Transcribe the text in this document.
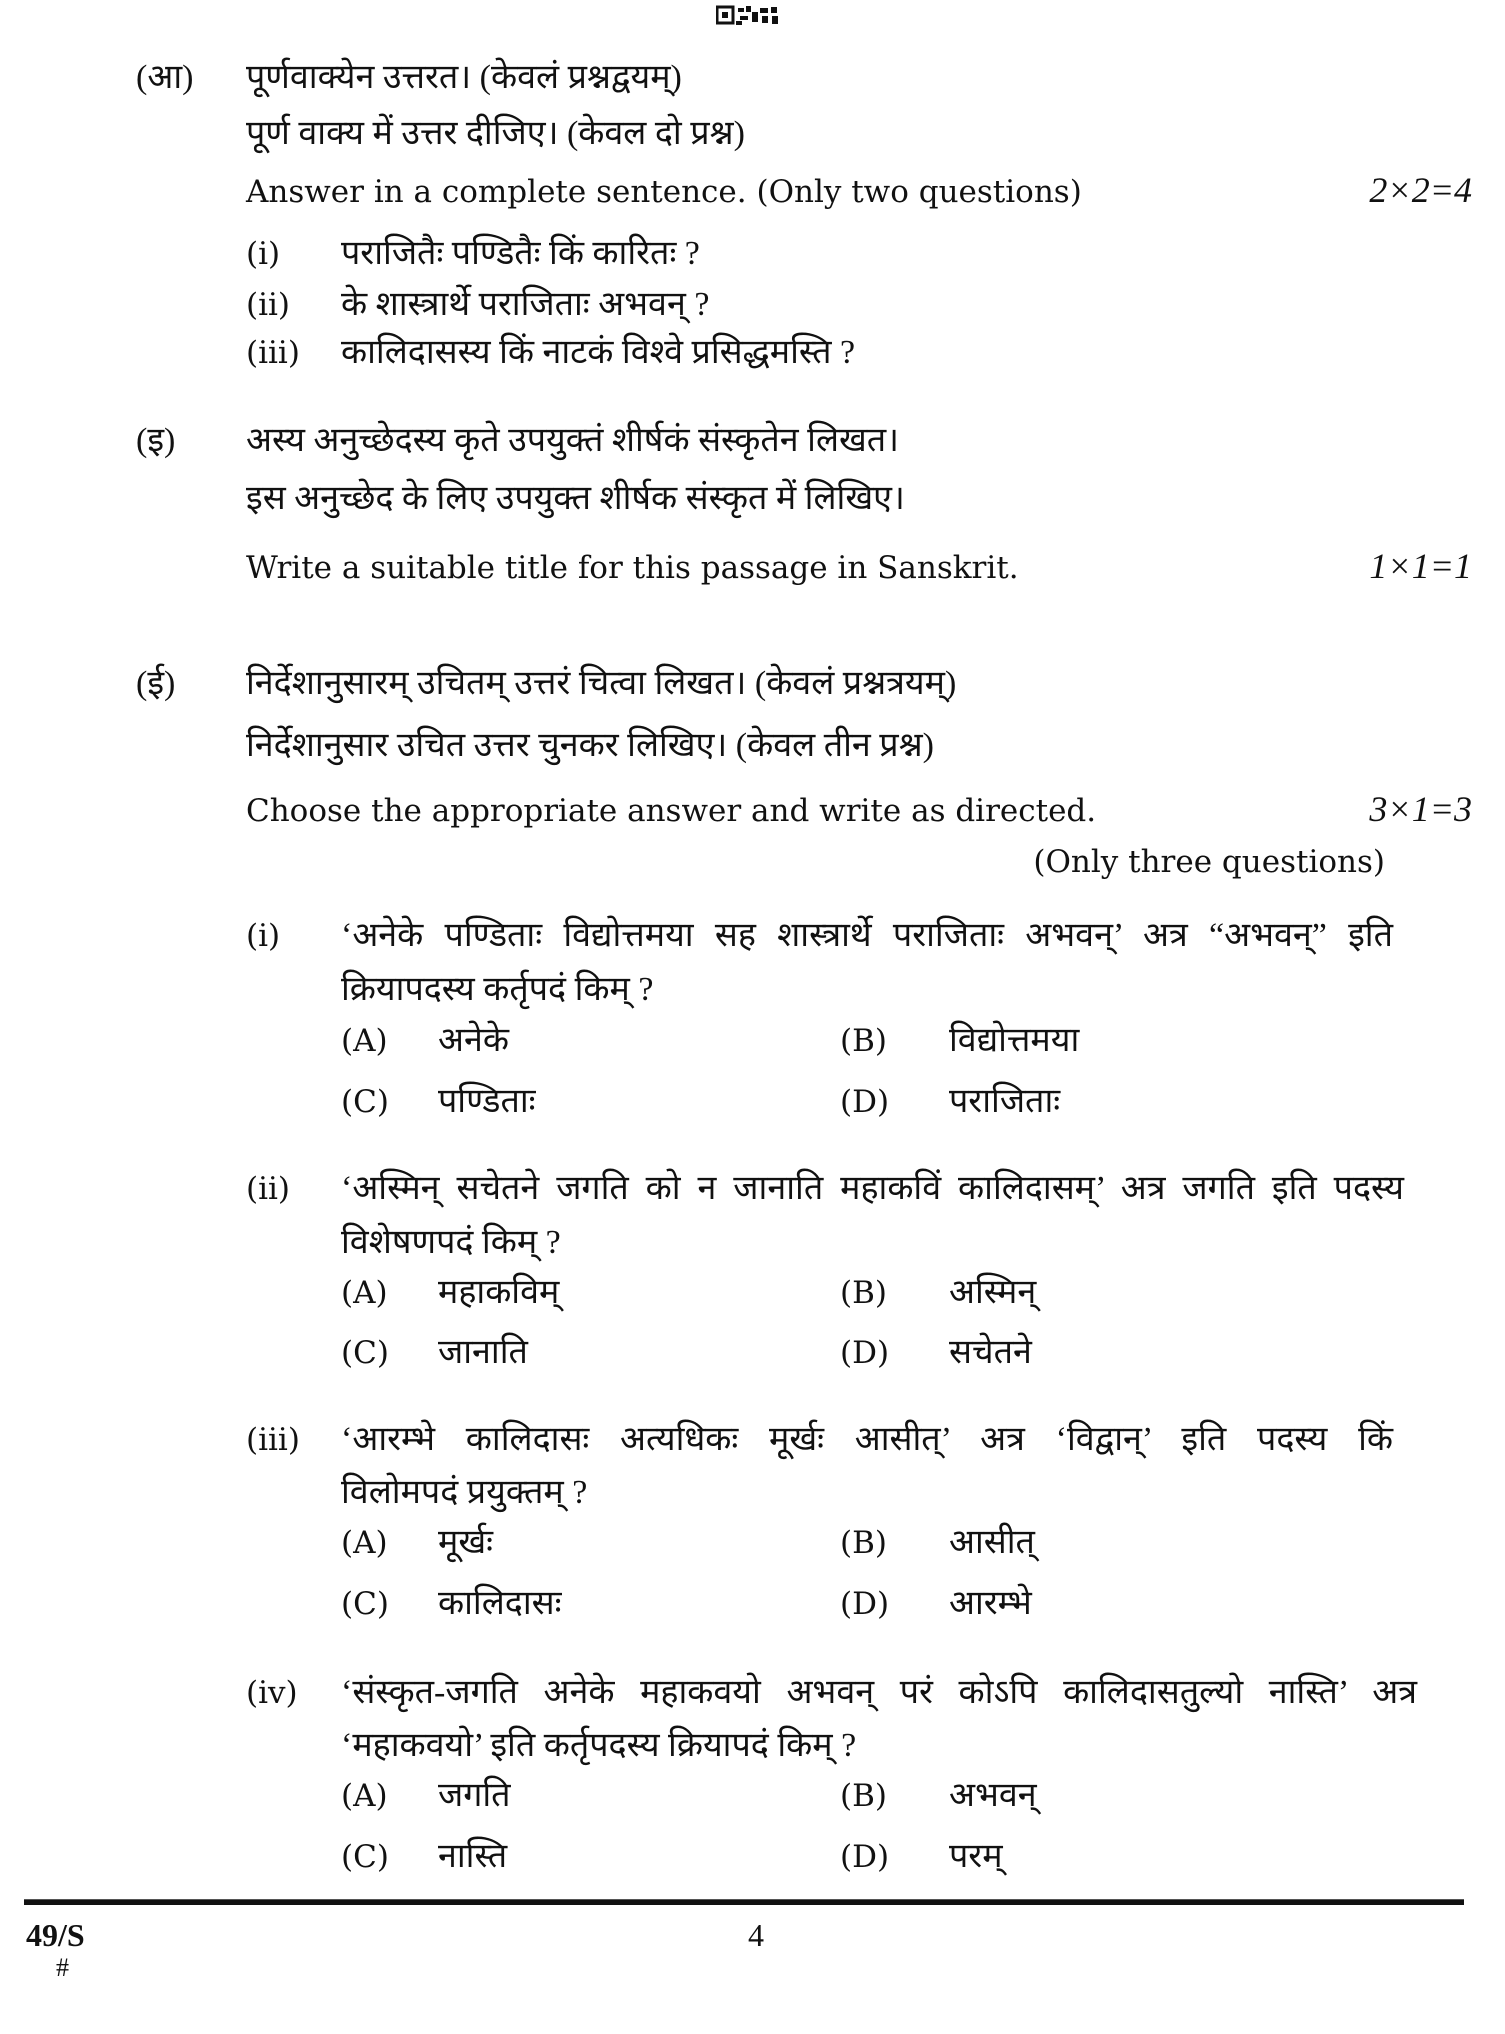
(आ) पूर्णवाक्येन उत्तरत। (केवलं प्रश्नद्वयम्)
पूर्ण वाक्य में उत्तर दीजिए। (केवल दो प्रश्न)
Answer in a complete sentence. (Only two questions)	2×2=4
(i) पराजितैः पण्डितैः किं कारितः ?
(ii) के शास्त्रार्थे पराजिताः अभवन् ?
(iii) कालिदासस्य किं नाटकं विश्वे प्रसिद्धमस्ति ?
(इ) अस्य अनुच्छेदस्य कृते उपयुक्तं शीर्षकं संस्कृतेन लिखत।
इस अनुच्छेद के लिए उपयुक्त शीर्षक संस्कृत में लिखिए।
Write a suitable title for this passage in Sanskrit.	1×1=1
(ई) निर्देशानुसारम् उचितम् उत्तरं चित्वा लिखत। (केवलं प्रश्नत्रयम्)
निर्देशानुसार उचित उत्तर चुनकर लिखिए। (केवल तीन प्रश्न)
Choose the appropriate answer and write as directed.	3×1=3
(Only three questions)
(i) ‘अनेके पण्डिताः विद्योत्तमया सह शास्त्रार्थे पराजिताः अभवन्’ अत्र “अभवन्” इति
क्रियापदस्य कर्तृपदं किम् ?
(A) अनेके	(B) विद्योत्तमया
(C) पण्डिताः	(D) पराजिताः
(ii) ‘अस्मिन् सचेतने जगति को न जानाति महाकविं कालिदासम्’ अत्र जगति इति पदस्य
विशेषणपदं किम् ?
(A) महाकविम्	(B) अस्मिन्
(C) जानाति	(D) सचेतने
(iii) ‘आरम्भे कालिदासः अत्यधिकः मूर्खः आसीत्’ अत्र ‘विद्वान्’ इति पदस्य किं
विलोमपदं प्रयुक्तम् ?
(A) मूर्खः	(B) आसीत्
(C) कालिदासः	(D) आरम्भे
(iv) ‘संस्कृत-जगति अनेके महाकवयो अभवन् परं कोऽपि कालिदासतुल्यो नास्ति’ अत्र
‘महाकवयो’ इति कर्तृपदस्य क्रियापदं किम् ?
(A) जगति	(B) अभवन्
(C) नास्ति	(D) परम्
49/S	4
#
